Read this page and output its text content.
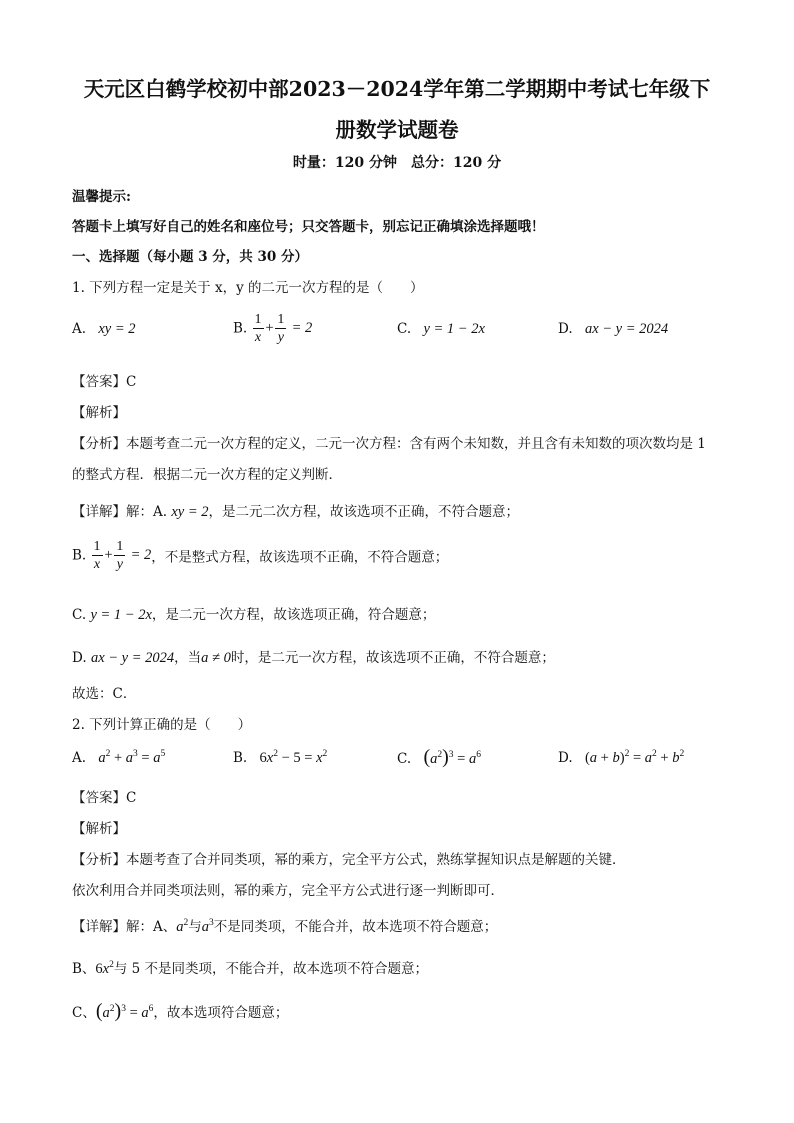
天元区白鹤学校初中部2023－2024学年第二学期期中考试七年级下
册数学试题卷
时量：120 分钟　总分：120 分
温馨提示:
答题卡上填写好自己的姓名和座位号；只交答题卡，别忘记正确填涂选择题哦！
一、选择题（每小题 3 分，共 30 分）
1. 下列方程一定是关于 x，y 的二元一次方程的是（　　）
A. xy = 2	B. $\frac{1}{x} + \frac{1}{y} = 2$	C. y = 1 − 2x	D. ax − y = 2024
【答案】C
【解析】
【分析】本题考查二元一次方程的定义，二元一次方程：含有两个未知数，并且含有未知数的项次数均是 1
的整式方程．根据二元一次方程的定义判断．
【详解】解：A. xy = 2，是二元二次方程，故该选项不正确，不符合题意；
B. $\frac{1}{x} + \frac{1}{y} = 2$，不是整式方程，故该选项不正确，不符合题意；
C. y = 1 − 2x，是二元一次方程，故该选项正确，符合题意；
D. ax − y = 2024，当a ≠ 0时，是二元一次方程，故该选项不正确，不符合题意；
故选：C．
2. 下列计算正确的是（　　）
A. $a^2 + a^3 = a^5$	B. $6x^2 - 5 = x^2$	C. $(a^2)^3 = a^6$	D. $(a + b)^2 = a^2 + b^2$
【答案】C
【解析】
【分析】本题考查了合并同类项，幂的乘方，完全平方公式，熟练掌握知识点是解题的关键．
依次利用合并同类项法则，幂的乘方，完全平方公式进行逐一判断即可．
【详解】解：A、$a^2$与$a^3$不是同类项，不能合并，故本选项不符合题意；
B、$6x^2$与 5 不是同类项，不能合并，故本选项不符合题意；
C、$(a^2)^3 = a^6$，故本选项符合题意；
